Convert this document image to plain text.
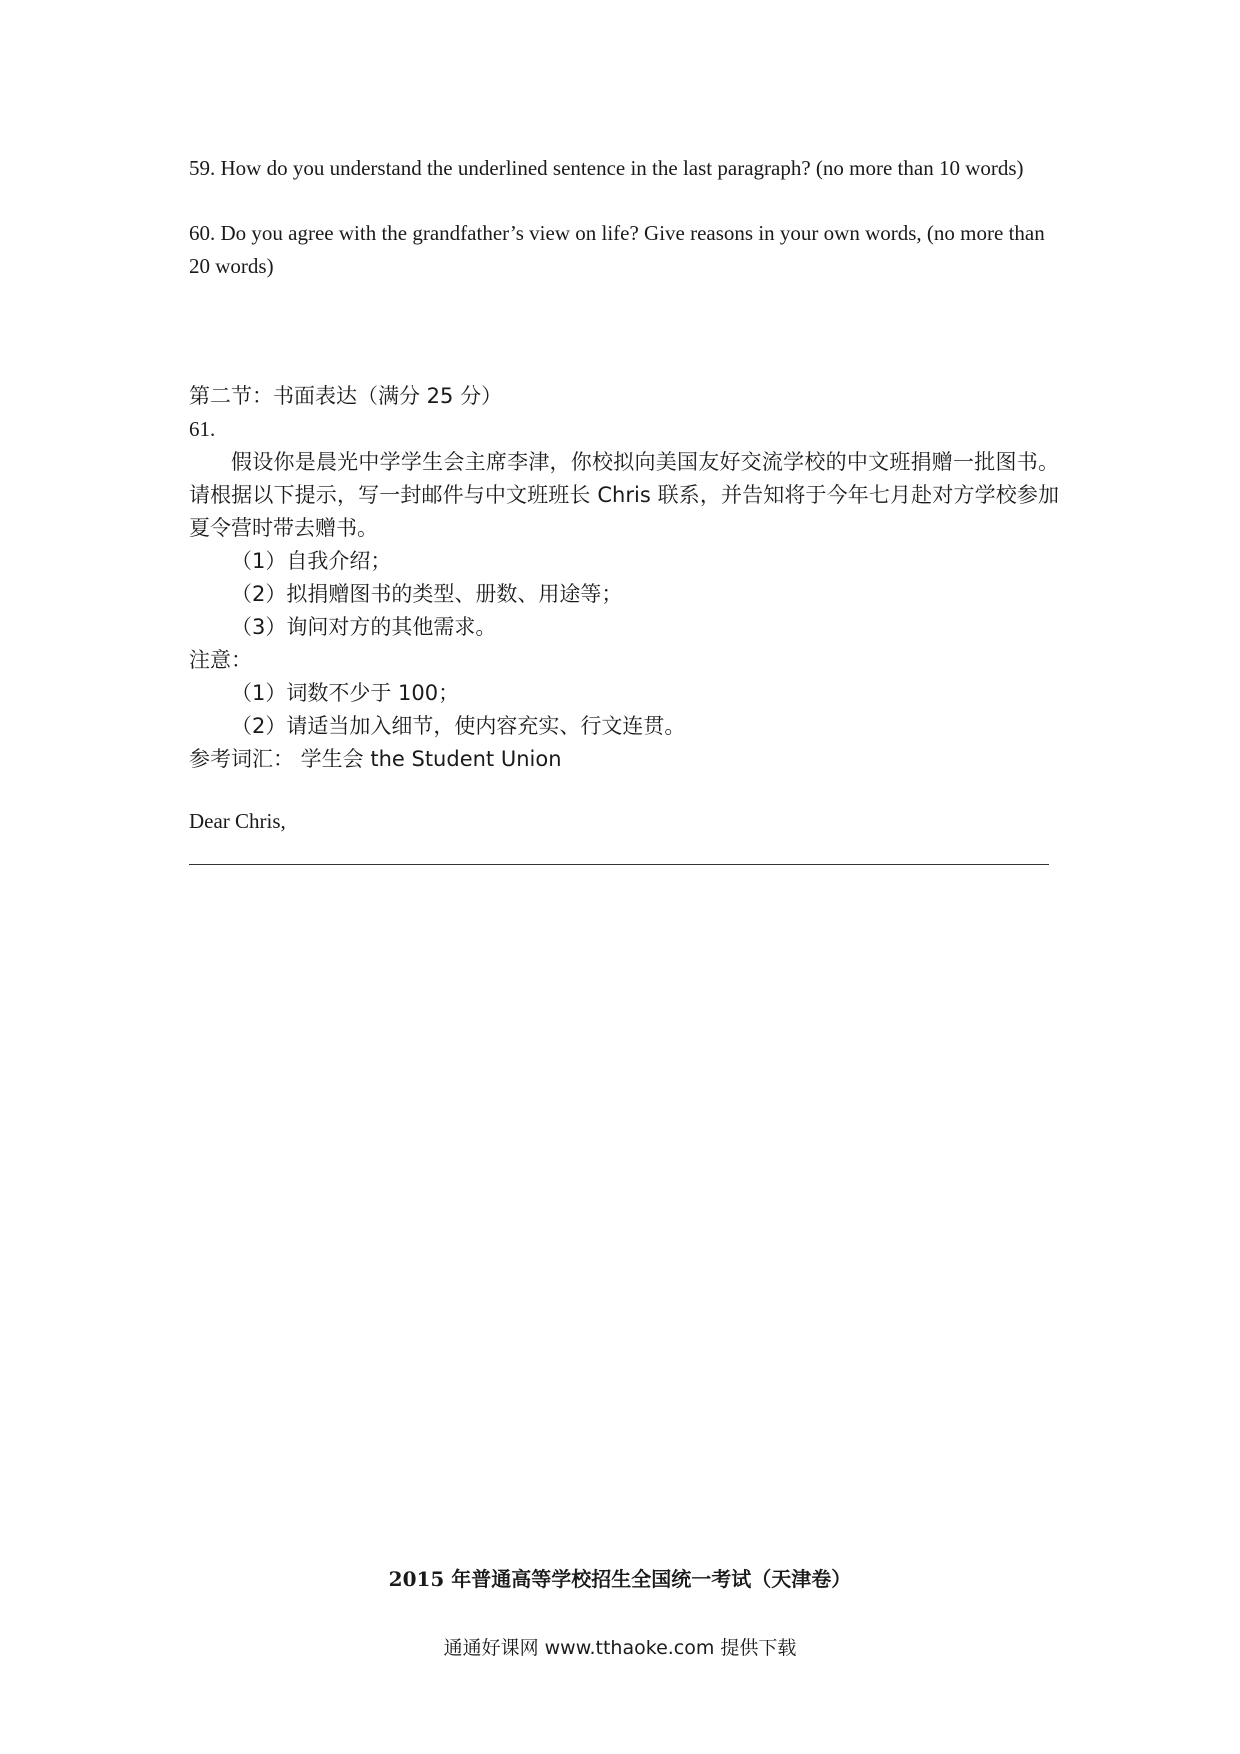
59. How do you understand the underlined sentence in the last paragraph? (no more than 10 words)

60. Do you agree with the grandfather’s view on life? Give reasons in your own words, (no more than 20 words)

第二节：书面表达（满分 25 分）

61.

假设你是晨光中学学生会主席李津，你校拟向美国友好交流学校的中文班捐赠一批图书。请根据以下提示，写一封邮件与中文班班长 Chris 联系，并告知将于今年七月赴对方学校参加夏令营时带去赠书。

（1）自我介绍；

（2）拟捐赠图书的类型、册数、用途等；

（3）询问对方的其他需求。

注意：

（1）词数不少于 100；

（2）请适当加入细节，使内容充实、行文连贯。

参考词汇： 学生会 the Student Union

Dear Chris,

2015 年普通高等学校招生全国统一考试（天津卷）

通通好课网 www.tthaoke.com 提供下载
